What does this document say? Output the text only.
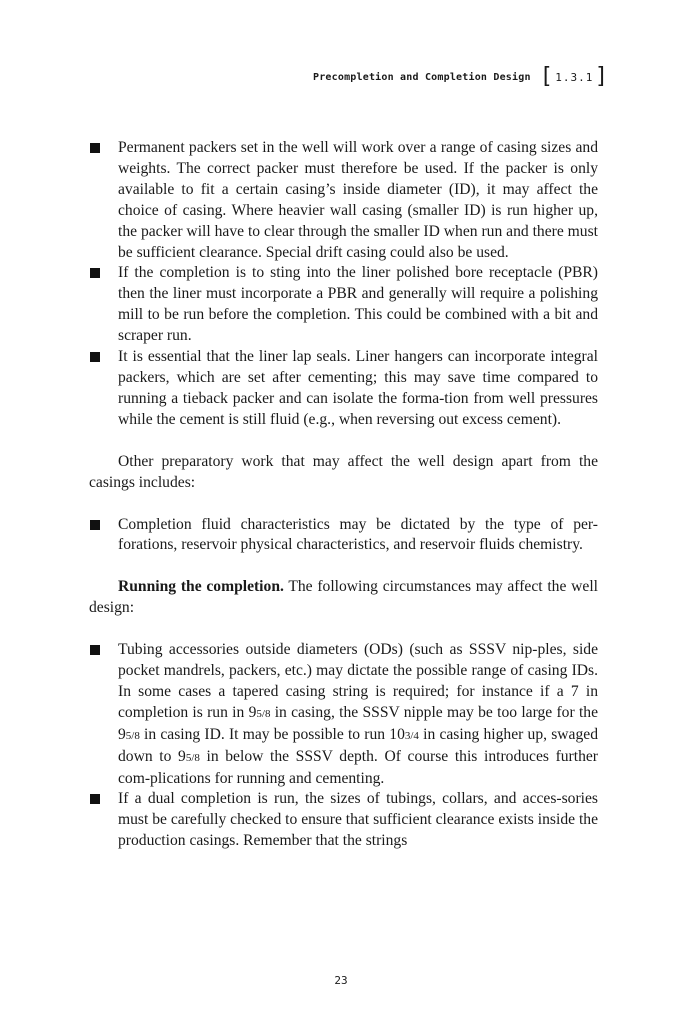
Precompletion and Completion Design [ 1.3.1 ]
Permanent packers set in the well will work over a range of casing sizes and weights. The correct packer must therefore be used. If the packer is only available to fit a certain casing’s inside diameter (ID), it may affect the choice of casing. Where heavier wall casing (smaller ID) is run higher up, the packer will have to clear through the smaller ID when run and there must be sufficient clearance. Special drift casing could also be used.
If the completion is to sting into the liner polished bore receptacle (PBR) then the liner must incorporate a PBR and generally will require a polishing mill to be run before the completion. This could be combined with a bit and scraper run.
It is essential that the liner lap seals. Liner hangers can incorporate integral packers, which are set after cementing; this may save time compared to running a tieback packer and can isolate the forma-tion from well pressures while the cement is still fluid (e.g., when reversing out excess cement).

Other preparatory work that may affect the well design apart from the casings includes:

Completion fluid characteristics may be dictated by the type of per-forations, reservoir physical characteristics, and reservoir fluids chemistry.

Running the completion. The following circumstances may affect the well design:

Tubing accessories outside diameters (ODs) (such as SSSV nip-ples, side pocket mandrels, packers, etc.) may dictate the possible range of casing IDs. In some cases a tapered casing string is required; for instance if a 7 in completion is run in 95/8 in casing, the SSSV nipple may be too large for the 95/8 in casing ID. It may be possible to run 103/4 in casing higher up, swaged down to 95/8 in below the SSSV depth. Of course this introduces further com-plications for running and cementing.
If a dual completion is run, the sizes of tubings, collars, and acces-sories must be carefully checked to ensure that sufficient clearance exists inside the production casings. Remember that the strings
23
